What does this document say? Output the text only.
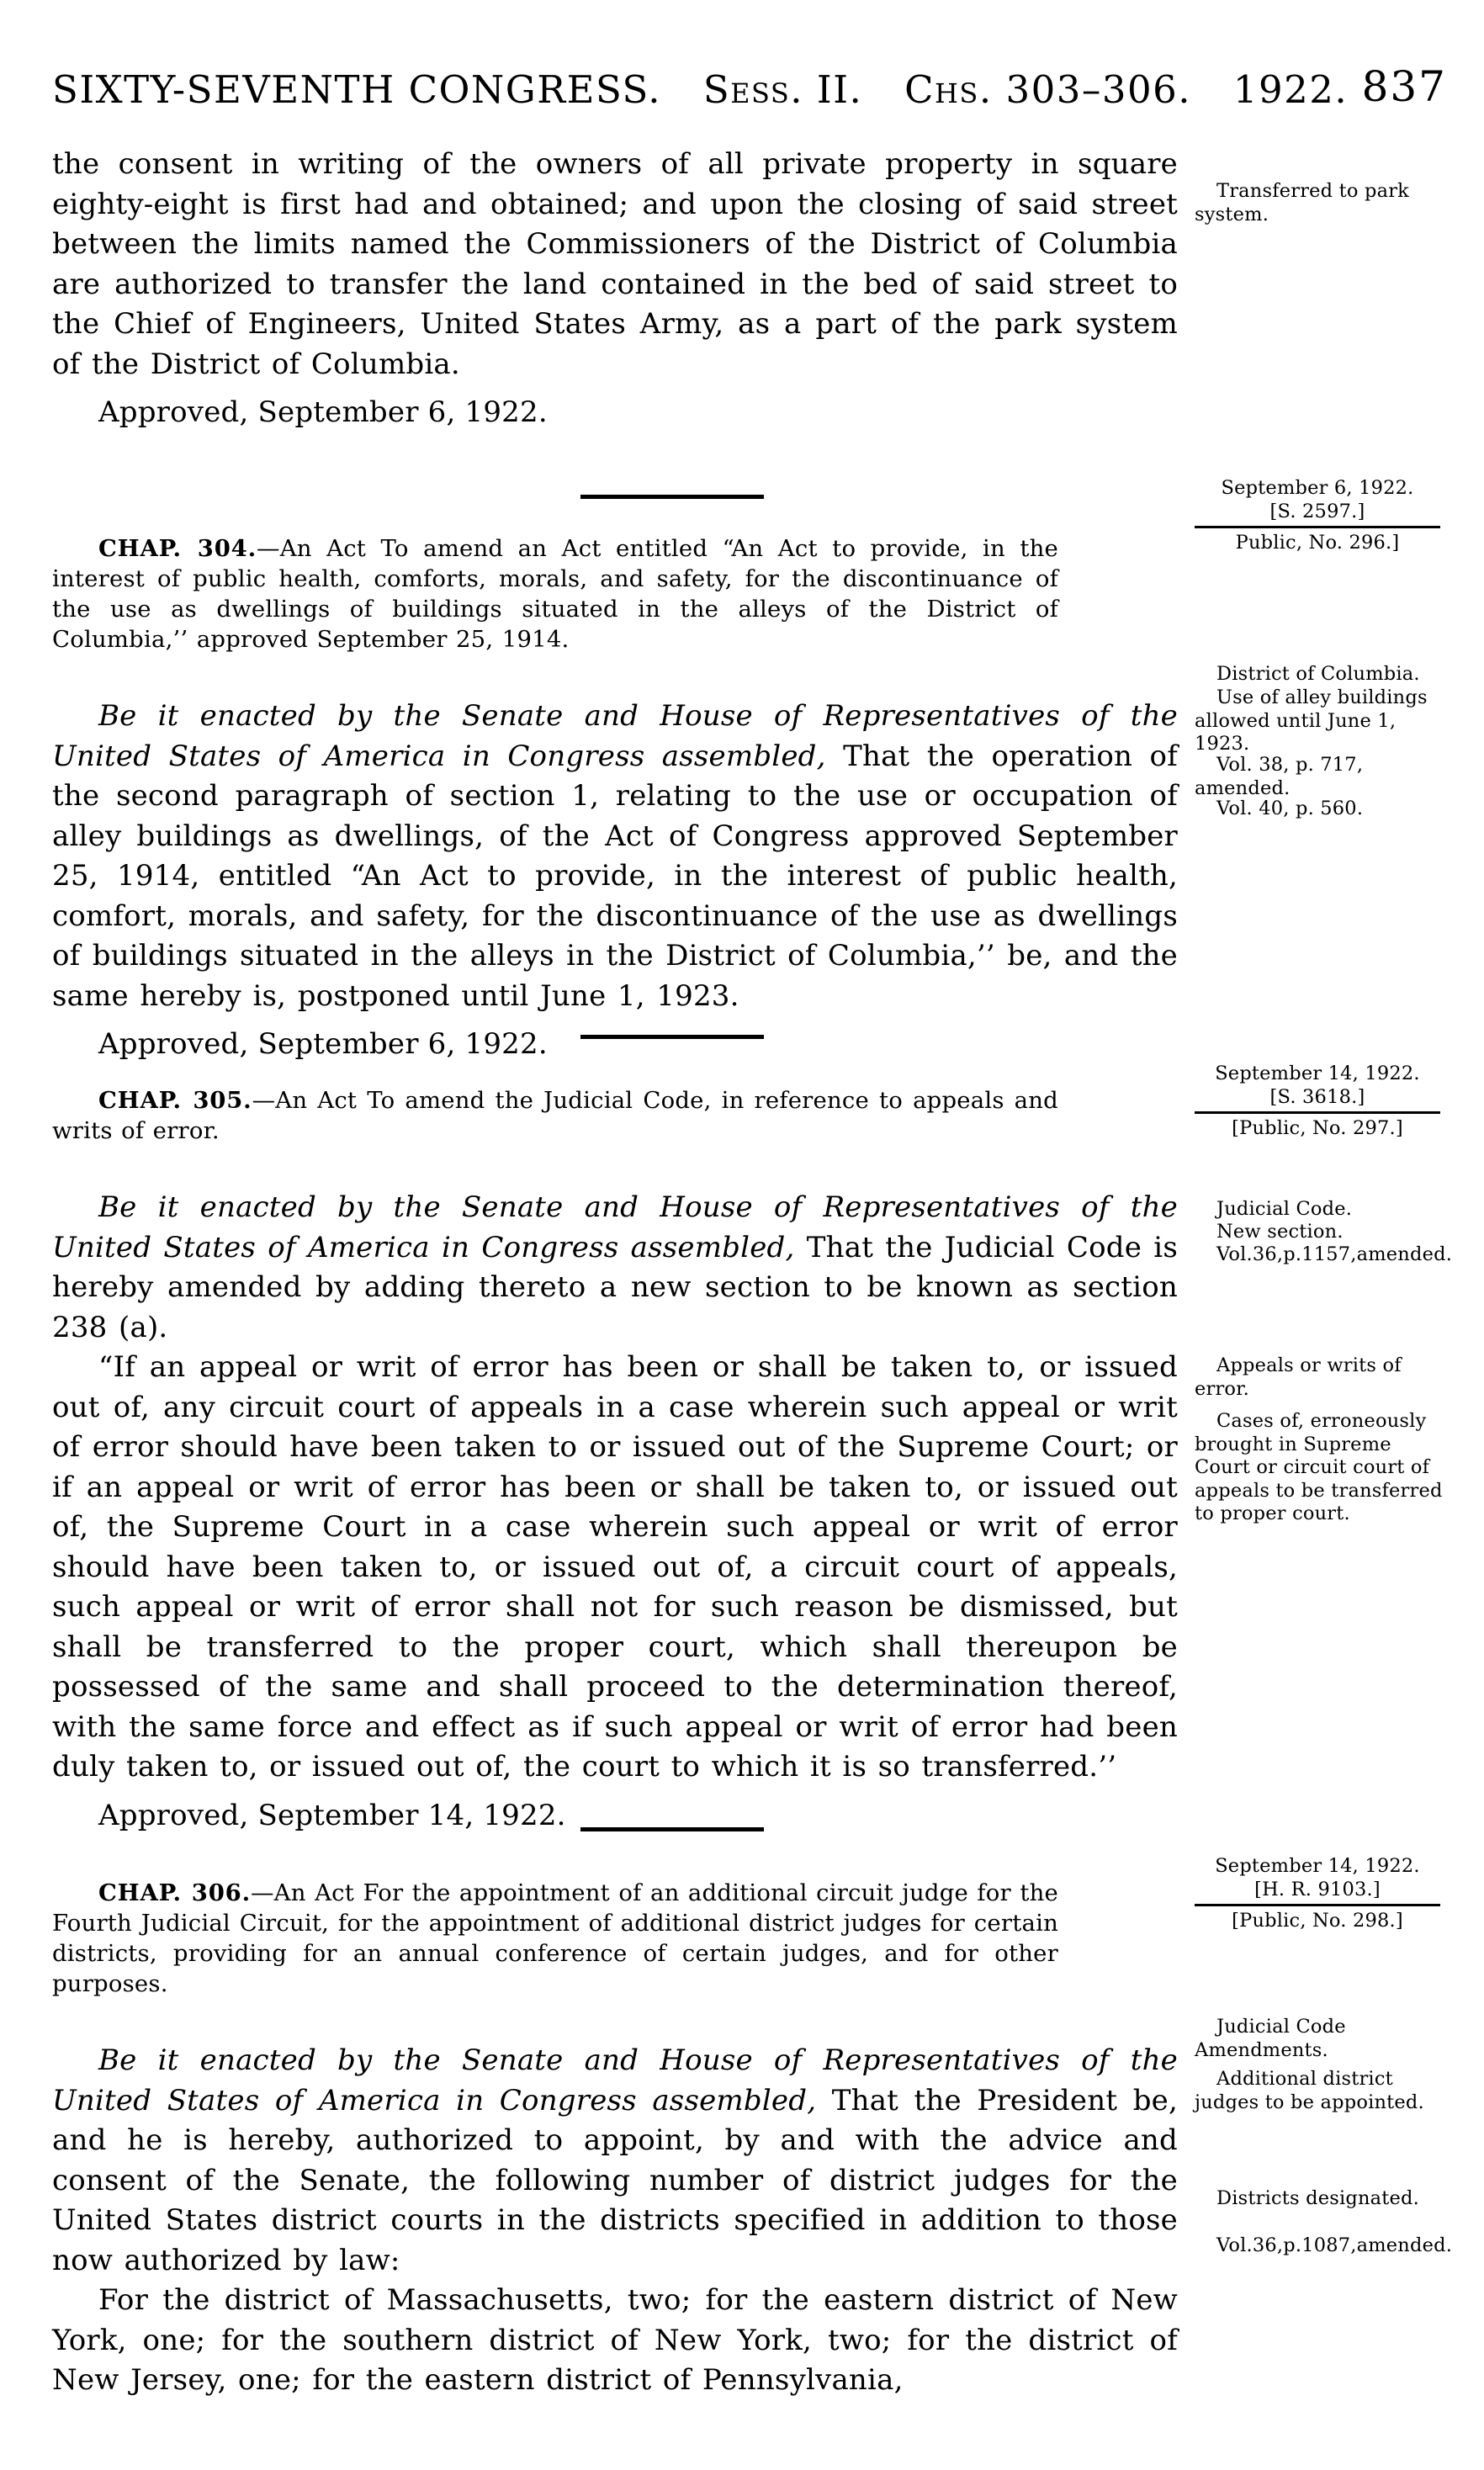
SIXTY-SEVENTH CONGRESS. Sess. II. Chs. 303–306. 1922. 837

the consent in writing of the owners of all private property in square eighty-eight is first had and obtained; and upon the closing of said street between the limits named the Commissioners of the District of Columbia are authorized to transfer the land contained in the bed of said street to the Chief of Engineers, United States Army, as a part of the park system of the District of Columbia.

Approved, September 6, 1922.

Transferred to park system.
September 6, 1922.
[S. 2597.]
Public, No. 296.]

CHAP. 304.—An Act To amend an Act entitled “An Act to provide, in the interest of public health, comforts, morals, and safety, for the discontinuance of the use as dwellings of buildings situated in the alleys of the District of Columbia,’’ approved September 25, 1914.

Be it enacted by the Senate and House of Representatives of the United States of America in Congress assembled, That the operation of the second paragraph of section 1, relating to the use or occupation of alley buildings as dwellings, of the Act of Congress approved September 25, 1914, entitled “An Act to provide, in the interest of public health, comfort, morals, and safety, for the discontinuance of the use as dwellings of buildings situated in the alleys in the District of Columbia,’’ be, and the same hereby is, postponed until June 1, 1923.

Approved, September 6, 1922.

District of Columbia.
Use of alley buildings allowed until June 1, 1923.
Vol. 38, p. 717, amended.
Vol. 40, p. 560.
September 14, 1922.
[S. 3618.]
[Public, No. 297.]

CHAP. 305.—An Act To amend the Judicial Code, in reference to appeals and writs of error.

Be it enacted by the Senate and House of Representatives of the United States of America in Congress assembled, That the Judicial Code is hereby amended by adding thereto a new section to be known as section 238 (a).

“If an appeal or writ of error has been or shall be taken to, or issued out of, any circuit court of appeals in a case wherein such appeal or writ of error should have been taken to or issued out of the Supreme Court; or if an appeal or writ of error has been or shall be taken to, or issued out of, the Supreme Court in a case wherein such appeal or writ of error should have been taken to, or issued out of, a circuit court of appeals, such appeal or writ of error shall not for such reason be dismissed, but shall be transferred to the proper court, which shall thereupon be possessed of the same and shall proceed to the determination thereof, with the same force and effect as if such appeal or writ of error had been duly taken to, or issued out of, the court to which it is so transferred.’’

Approved, September 14, 1922.

Judicial Code.
New section.
Vol.36,p.1157,amended.
Appeals or writs of error.
Cases of, erroneously brought in Supreme Court or circuit court of appeals to be transferred to proper court.
September 14, 1922.
[H. R. 9103.]
[Public, No. 298.]

CHAP. 306.—An Act For the appointment of an additional circuit judge for the Fourth Judicial Circuit, for the appointment of additional district judges for certain districts, providing for an annual conference of certain judges, and for other purposes.

Be it enacted by the Senate and House of Representatives of the United States of America in Congress assembled, That the President be, and he is hereby, authorized to appoint, by and with the advice and consent of the Senate, the following number of district judges for the United States district courts in the districts specified in addition to those now authorized by law:

For the district of Massachusetts, two; for the eastern district of New York, one; for the southern district of New York, two; for the district of New Jersey, one; for the eastern district of Pennsylvania,

Judicial Code Amendments.
Additional district judges to be appointed.
Districts designated.
Vol.36,p.1087,amended.
